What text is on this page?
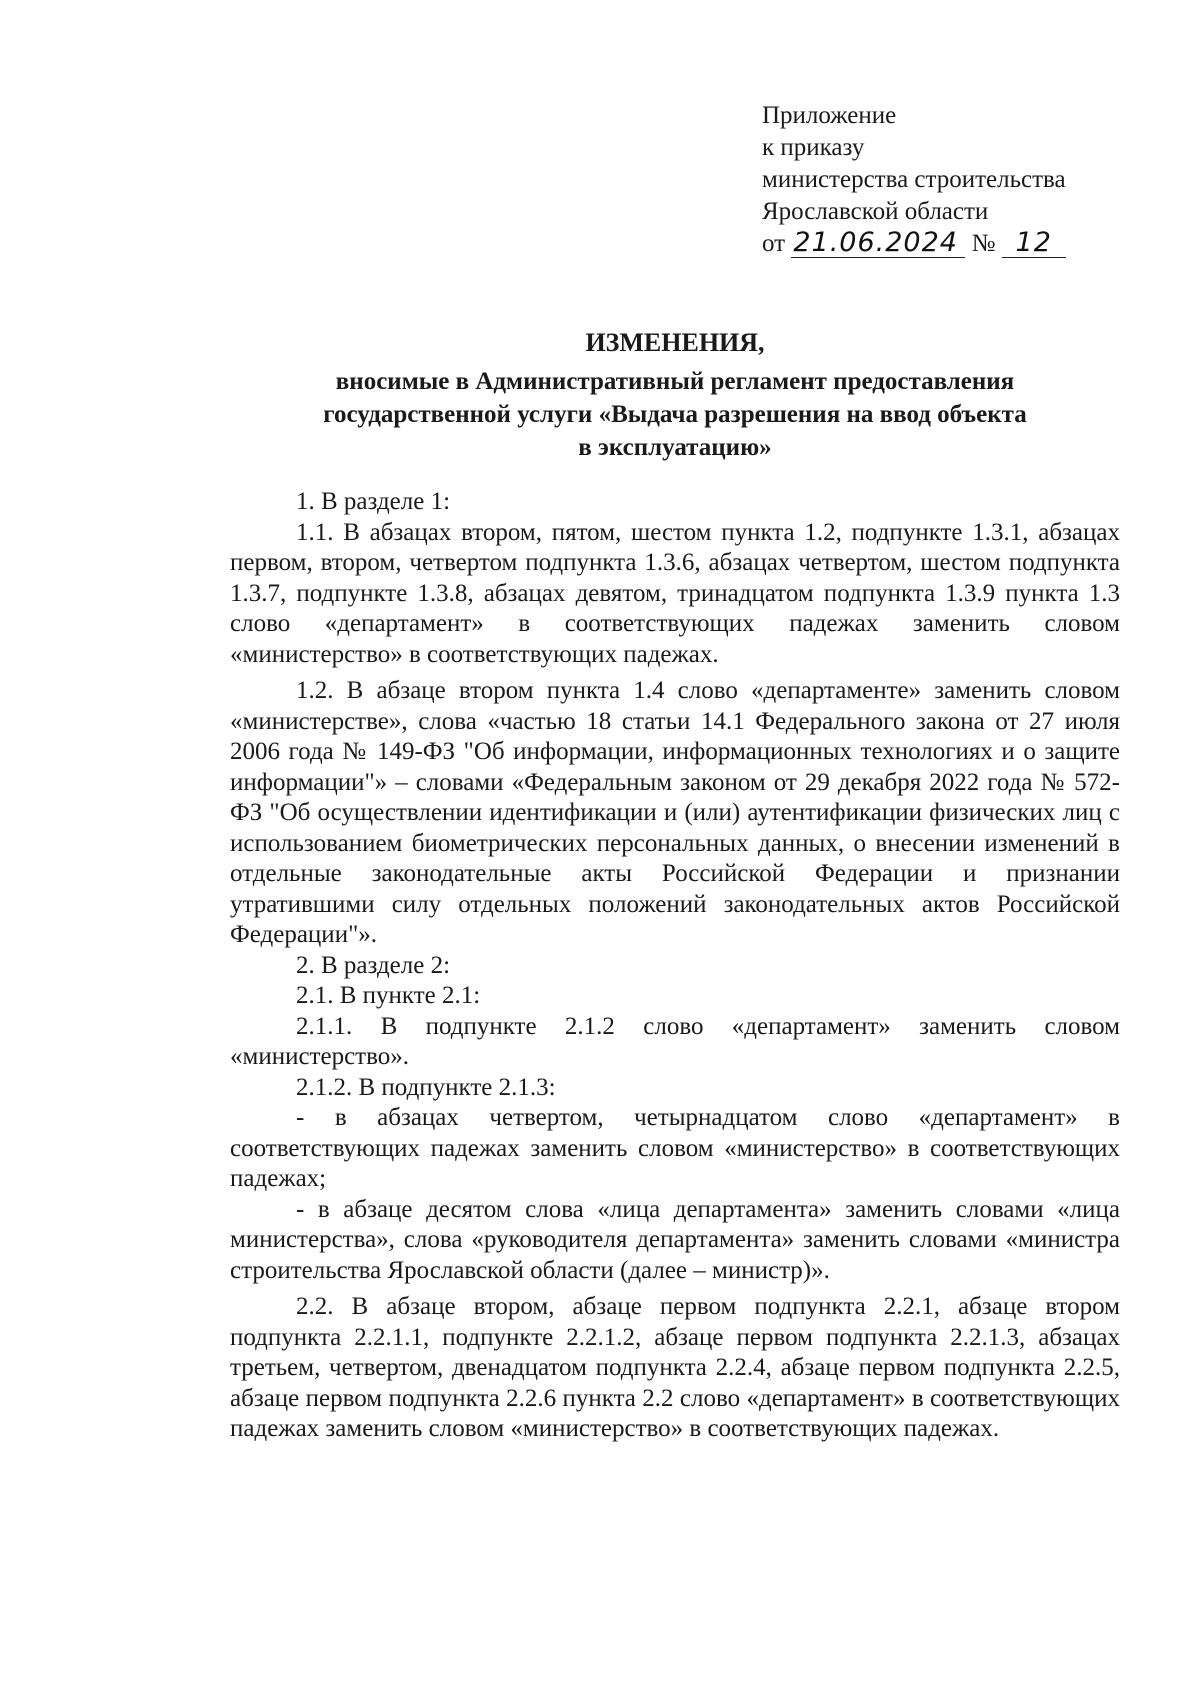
Приложение
к приказу
министерства строительства
Ярославской области
от 21.06.2024 № 12
ИЗМЕНЕНИЯ,
вносимые в Административный регламент предоставления
государственной услуги «Выдача разрешения на ввод объекта
в эксплуатацию»

1. В разделе 1:

1.1. В абзацах втором, пятом, шестом пункта 1.2, подпункте 1.3.1, абзацах первом, втором, четвертом подпункта 1.3.6, абзацах четвертом, шестом подпункта 1.3.7, подпункте 1.3.8, абзацах девятом, тринадцатом подпункта 1.3.9 пункта 1.3 слово «департамент» в соответствующих падежах заменить словом «министерство» в соответствующих падежах.

1.2. В абзаце втором пункта 1.4 слово «департаменте» заменить словом «министерстве», слова «частью 18 статьи 14.1 Федерального закона от 27 июля 2006 года № 149-ФЗ "Об информации, информационных технологиях и о защите информации"» – словами «Федеральным законом от 29 декабря 2022 года № 572-ФЗ "Об осуществлении идентификации и (или) аутентификации физических лиц с использованием биометрических персональных данных, о внесении изменений в отдельные законодательные акты Российской Федерации и признании утратившими силу отдельных положений законодательных актов Российской Федерации"».

2. В разделе 2:

2.1. В пункте 2.1:

2.1.1. В подпункте 2.1.2 слово «департамент» заменить словом «министерство».

2.1.2. В подпункте 2.1.3:

- в абзацах четвертом, четырнадцатом слово «департамент» в соответствующих падежах заменить словом «министерство» в соответствующих падежах;

- в абзаце десятом слова «лица департамента» заменить словами «лица министерства», слова «руководителя департамента» заменить словами «министра строительства Ярославской области (далее – министр)».

2.2. В абзаце втором, абзаце первом подпункта 2.2.1, абзаце втором подпункта 2.2.1.1, подпункте 2.2.1.2, абзаце первом подпункта 2.2.1.3, абзацах третьем, четвертом, двенадцатом подпункта 2.2.4, абзаце первом подпункта 2.2.5, абзаце первом подпункта 2.2.6 пункта 2.2 слово «департамент» в соответствующих падежах заменить словом «министерство» в соответствующих падежах.
